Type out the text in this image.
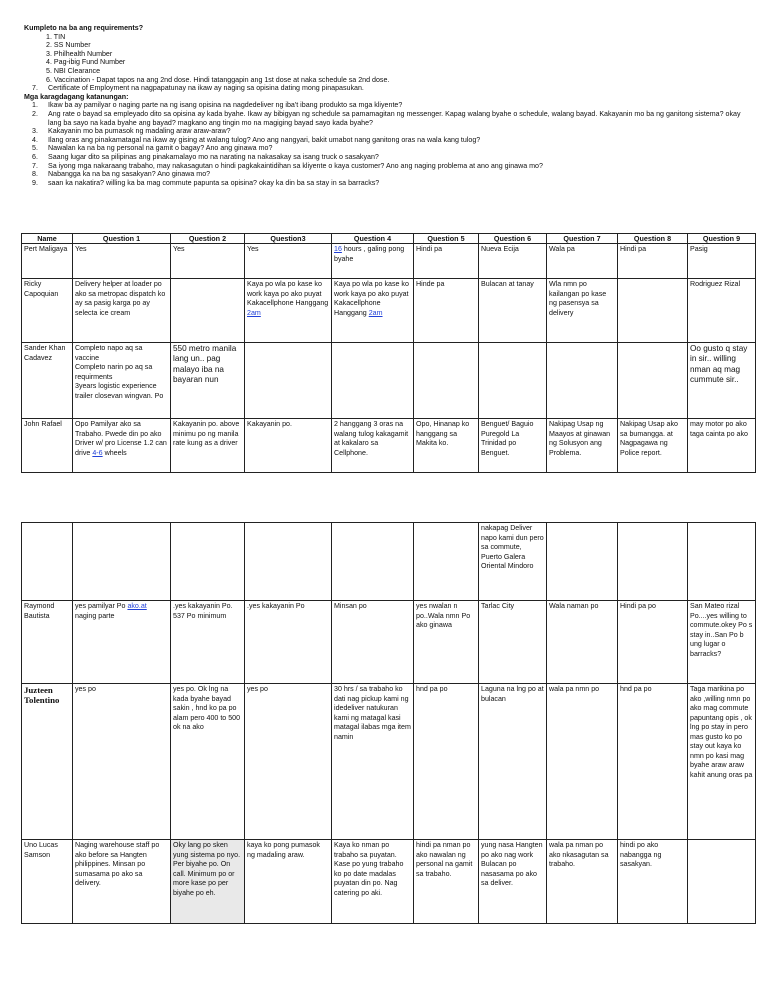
Kumpleto na ba ang requirements?
1. TIN
2. SS Number
3. Philhealth Number
4. Pag-ibig Fund Number
5. NBI Clearance
6. Vaccination - Dapat tapos na ang 2nd dose. Hindi tatanggapin ang 1st dose at naka schedule sa 2nd dose.
7.	Certificate of Employment na nagpapatunay na ikaw ay naging sa opisina dating mong pinapasukan.
Mga karagdagang katanungan:
1.	Ikaw ba ay pamilyar o naging parte na ng isang opisina na nagdedeliver ng iba't ibang produkto sa mga kliyente?
2.	Ang rate o bayad sa empleyado dito sa opisina ay kada byahe. Ikaw ay bibigyan ng schedule sa pamamagitan ng messenger. Kapag walang byahe o schedule, walang bayad. Kakayanin mo ba ng ganitong sistema? okay lang ba sayo na kada byahe ang bayad? magkano ang tingin mo na magiging bayad sayo kada byahe?
3.	Kakayanin mo ba pumasok ng madaling araw araw-araw?
4.	Ilang oras ang pinakamatagal na ikaw ay gising at walang tulog? Ano ang nangyari, bakit umabot nang ganitong oras na wala kang tulog?
5.	Nawalan ka na ba ng personal na gamit o bagay? Ano ang ginawa mo?
6.	Saang lugar dito sa pilipinas ang pinakamalayo mo na narating na nakasakay sa isang truck o sasakyan?
7.	Sa iyong mga nakaraang trabaho, may nakasagutan o hindi pagkakaintidihan sa kliyente o kaya customer? Ano ang naging problema at ano ang ginawa mo?
8.	Nabangga ka na ba ng sasakyan? Ano ginawa mo?
9.	saan ka nakatira? willing ka ba mag commute papunta sa opisina? okay ka din ba sa stay in sa barracks?
Name	Question 1	Question 2	Question3	Question 4	Question 5	Question 6	Question 7	Question 8	Question 9
Pert Maligaya	Yes	Yes	Yes	16 hours , galing pong byahe	Hindi pa	Nueva Ecija	Wala pa	Hindi pa	Pasig
Ricky Capoquian	Delivery helper at loader po ako sa metropac dispatch ko ay sa pasig karga po ay selecta ice cream		Kaya po wla po kase ko work kaya po ako puyat Kakacellphone Hanggang 2am	Kaya po wla po kase ko work kaya po ako puyat Kakacellphone Hanggang 2am	Hinde pa	Bulacan at tanay	Wla nmn po kailangan po kase ng pasensya sa delivery		Rodriguez Rizal
Sander Khan Cadavez	Completo napo aq sa vaccine
Completo narin po aq sa requirments
3years logistic experience trailer closevan wingvan. Po	550 metro manila lang un.. pag malayo iba na bayaran nun							Oo gusto q stay in sir.. willing nman aq mag cummute sir..
John Rafael	Opo Pamilyar ako sa Trabaho. Pwede din po ako Driver w/ pro License 1.2 can drive 4-6 wheels	Kakayanin po. above minimu po ng manila rate kung as a driver	Kakayanin po.	2 hanggang 3 oras na walang tulog kakagamit at kakalaro sa Cellphone.	Opo, Hinanap ko hanggang sa Makita ko.	Benguet/ Baguio Puregold La Trinidad po Benguet.	Nakipag Usap ng Maayos at ginawan ng Solusyon ang Problema.	Nakipag Usap ako sa bumangga. at Nagpagawa ng Police report.	may motor po ako taga cainta po ako
						nakapag Deliver napo kami dun pero sa commute, Puerto Galera Oriental Mindoro			
Raymond Bautista	yes pamilyar Po ako.at naging parte	.yes kakayanin Po. 537 Po minimum	.yes kakayanin Po	Minsan po	yes nwalan n po..Wala nmn Po ako ginawa	Tarlac City	Wala naman po	Hindi pa po	San Mateo rizal Po....yes willing to commute.okey Po s stay in..San Po b ung lugar o barracks?
Juzteen Tolentino	yes po	yes po. Ok lng na kada byahe bayad sakin , hnd ko pa po alam pero 400 to 500 ok na ako	yes po	30 hrs / sa trabaho ko dati nag pickup kami ng idedeliver natukuran kami ng matagal kasi matagal ilabas mga item namin	hnd pa po	Laguna na lng po at bulacan	wala pa nmn po	hnd pa po	Taga marikina po ako ,willing nmn po ako mag commute papuntang opis , ok lng po stay in pero mas gusto ko po stay out kaya ko nmn po kasi mag byahe araw araw kahit anung oras pa
Uno Lucas Samson	Naging warehouse staff po ako before sa Hangten philippines. Minsan po sumasama po ako sa delivery.	Oky lang po sken yung sistema po nyo. Per biyahe po. On call. Minimum po or more kase po per biyahe po eh.	kaya ko pong pumasok ng madaling araw.	Kaya ko nman po trabaho sa puyatan. Kase po yung trabaho ko po date madalas puyatan din po. Nag catering po aki.	hindi pa nman po ako nawalan ng personal na gamit sa trabaho.	yung nasa Hangten po ako nag work Bulacan po nasasama po ako sa deliver.	wala pa nman po ako nkasagutan sa trabaho.	hindi po ako nabangga ng sasakyan.	
